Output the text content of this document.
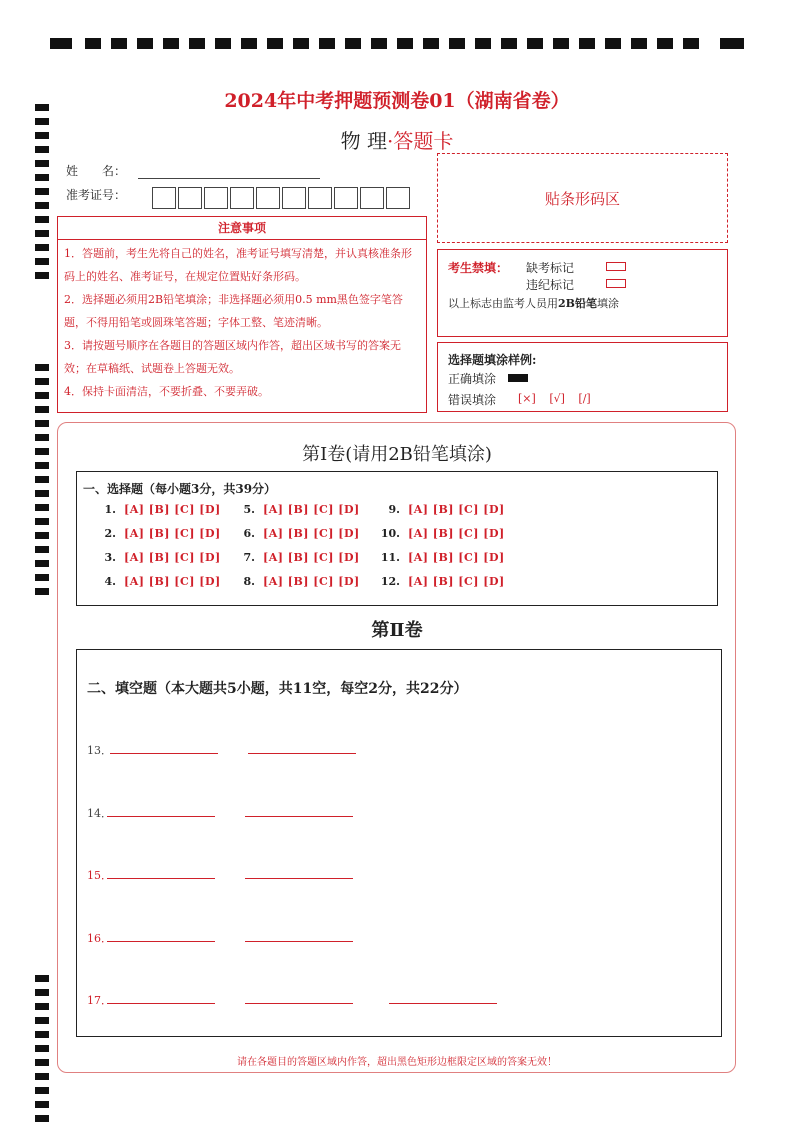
2024年中考押题预测卷01（湖南省卷）
物 理·答题卡
姓　　名：
准考证号：	贴条形码区
注意事项

1．答题前，考生先将自己的姓名，准考证号填写清楚，并认真核准条形码上的姓名、准考证号，在规定位置贴好条形码。

2．选择题必须用2B铅笔填涂；非选择题必须用0.5 mm黑色签字笔答题，不得用铅笔或圆珠笔答题；字体工整、笔迹清晰。

3．请按题号顺序在各题目的答题区域内作答，超出区域书写的答案无效；在草稿纸、试题卷上答题无效。

4．保持卡面清洁，不要折叠、不要弄破。

考生禁填： 缺考标记
违纪标记
以上标志由监考人员用2B铅笔填涂
选择题填涂样例:
正确填涂
错误填涂 [×] [√] [/]
第Ⅰ卷(请用2B铅笔填涂)
一、选择题（每小题3分，共39分）
1. [A] [B] [C] [D]
2. [A] [B] [C] [D]
3. [A] [B] [C] [D]
4. [A] [B] [C] [D]
5. [A] [B] [C] [D]
6. [A] [B] [C] [D]
7. [A] [B] [C] [D]
8. [A] [B] [C] [D]
9. [A] [B] [C] [D]
10. [A] [B] [C] [D]
11. [A] [B] [C] [D]
12. [A] [B] [C] [D]
第Ⅱ卷
二、填空题（本大题共5小题，共11空，每空2分，共22分）
13．
14．
15．
16．
17．
请在各题目的答题区域内作答，超出黑色矩形边框限定区域的答案无效！
